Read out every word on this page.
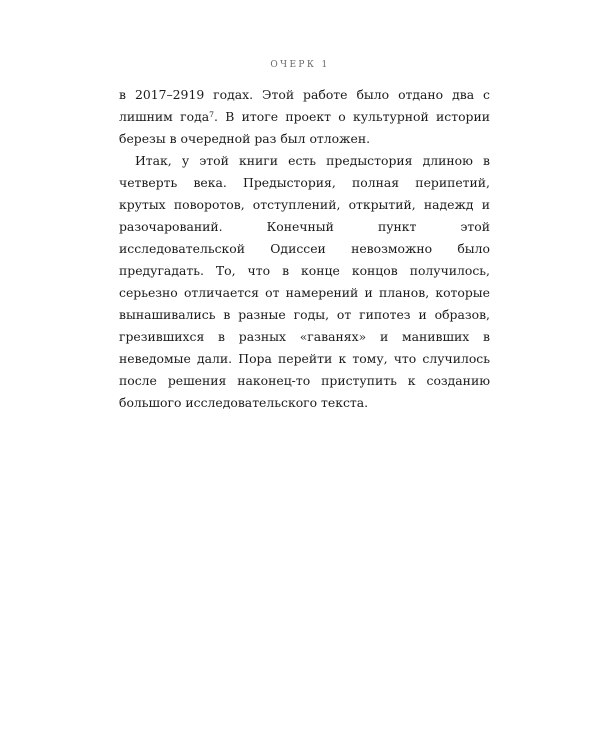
ОЧЕРК 1

в 2017–2919 годах. Этой работе было отдано два с лишним года$^7$. В итоге проект о культурной истории березы в очередной раз был отложен.

Итак, у этой книги есть предыстория длиною в четверть века. Предыстория, полная перипетий, крутых поворотов, отступлений, открытий, надежд и разочарований. Конечный пункт этой исследовательской Одиссеи невозможно было предугадать. То, что в конце концов получилось, серьезно отличается от намерений и планов, которые вынашивались в разные годы, от гипотез и образов, грезившихся в разных «гаванях» и манивших в неведомые дали. Пора перейти к тому, что случилось после решения наконец-то приступить к созданию большого исследовательского текста.
